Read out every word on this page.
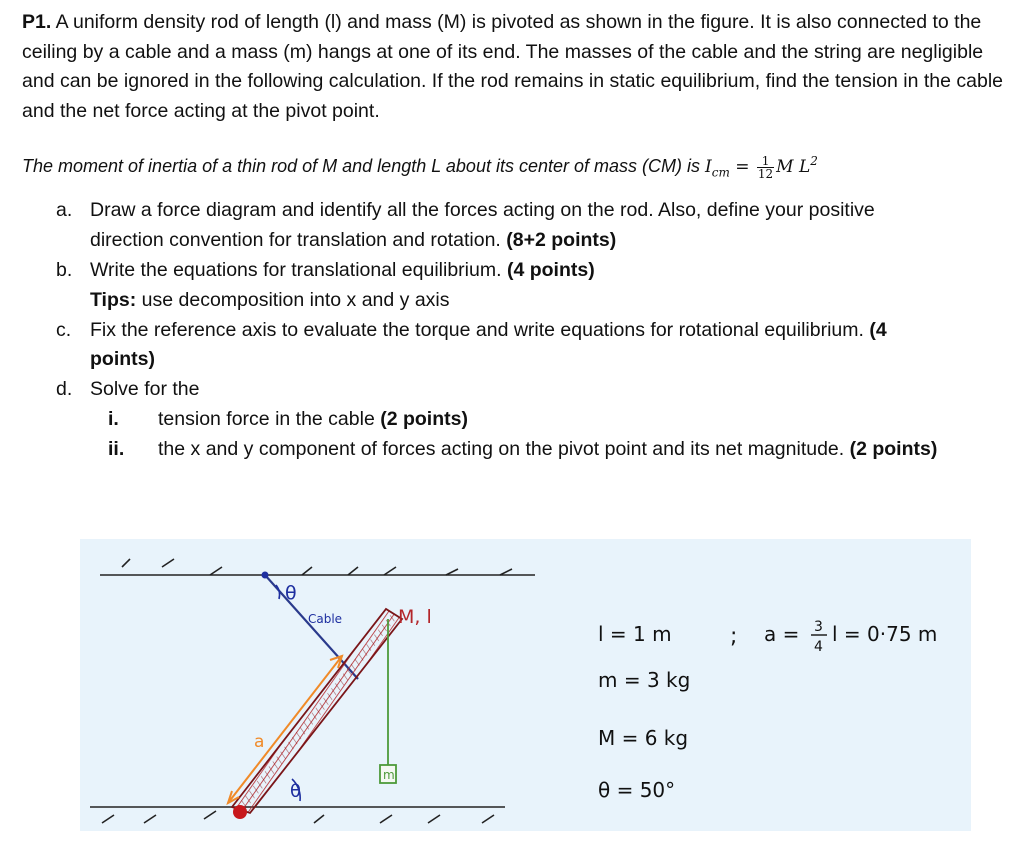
P1. A uniform density rod of length (l) and mass (M) is pivoted as shown in the figure. It is also connected to the ceiling by a cable and a mass (m) hangs at one of its end. The masses of the cable and the string are negligible and can be ignored in the following calculation. If the rod remains in static equilibrium, find the tension in the cable and the net force acting at the pivot point.

The moment of inertia of a thin rod of M and length L about its center of mass (CM) is $I_{cm} = \frac{1}{12}$ M $L^2$
a. Draw a force diagram and identify all the forces acting on the rod. Also, define your positive
direction convention for translation and rotation. (8+2 points)
b. Write the equations for translational equilibrium. (4 points)
Tips: use decomposition into x and y axis
c. Fix the reference axis to evaluate the torque and write equations for rotational equilibrium. (4
points)
d. Solve for the
i. tension force in the cable (2 points)
ii. the x and y component of forces acting on the pivot point and its net magnitude. (2 points)
θ
Cable	M, l
a
θ
m
l = 1 m	; a = 3
4
l = 0·75 m
m = 3 kg
M = 6 kg
θ = 50°
